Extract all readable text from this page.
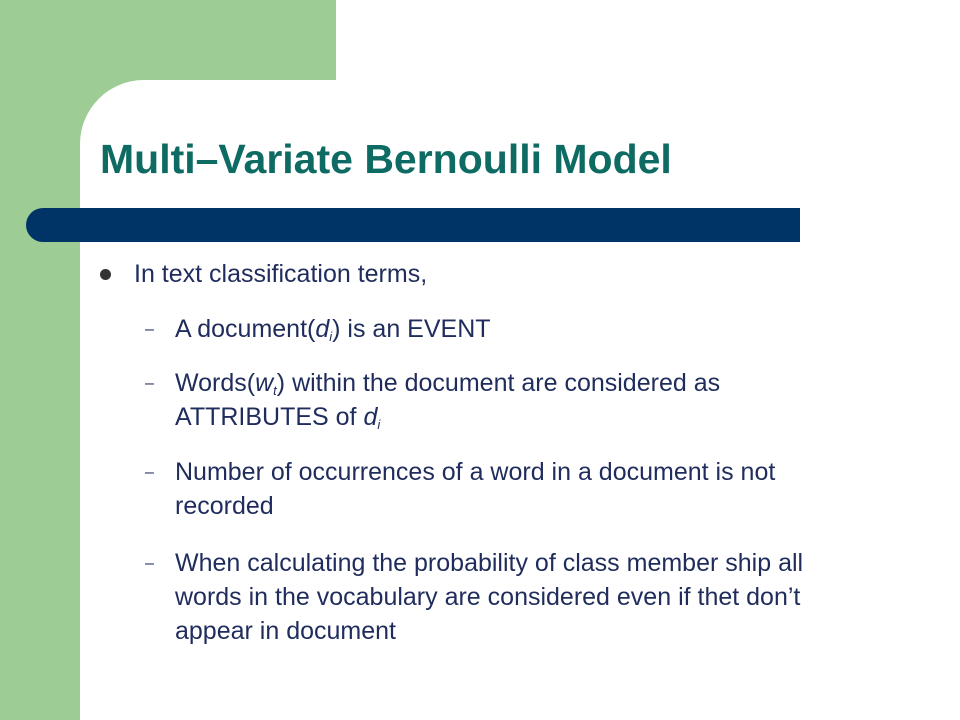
Multi–Variate Bernoulli Model
In text classification terms,
– A $document(d_i)$ is an EVENT
– $Words(w_t)$ within the document are considered as ATTRIBUTES of $d_i$
– Number of occurrences of a word in a document is not recorded
– When calculating the probability of class member ship all words in the vocabulary are considered even if thet don’t appear in document
